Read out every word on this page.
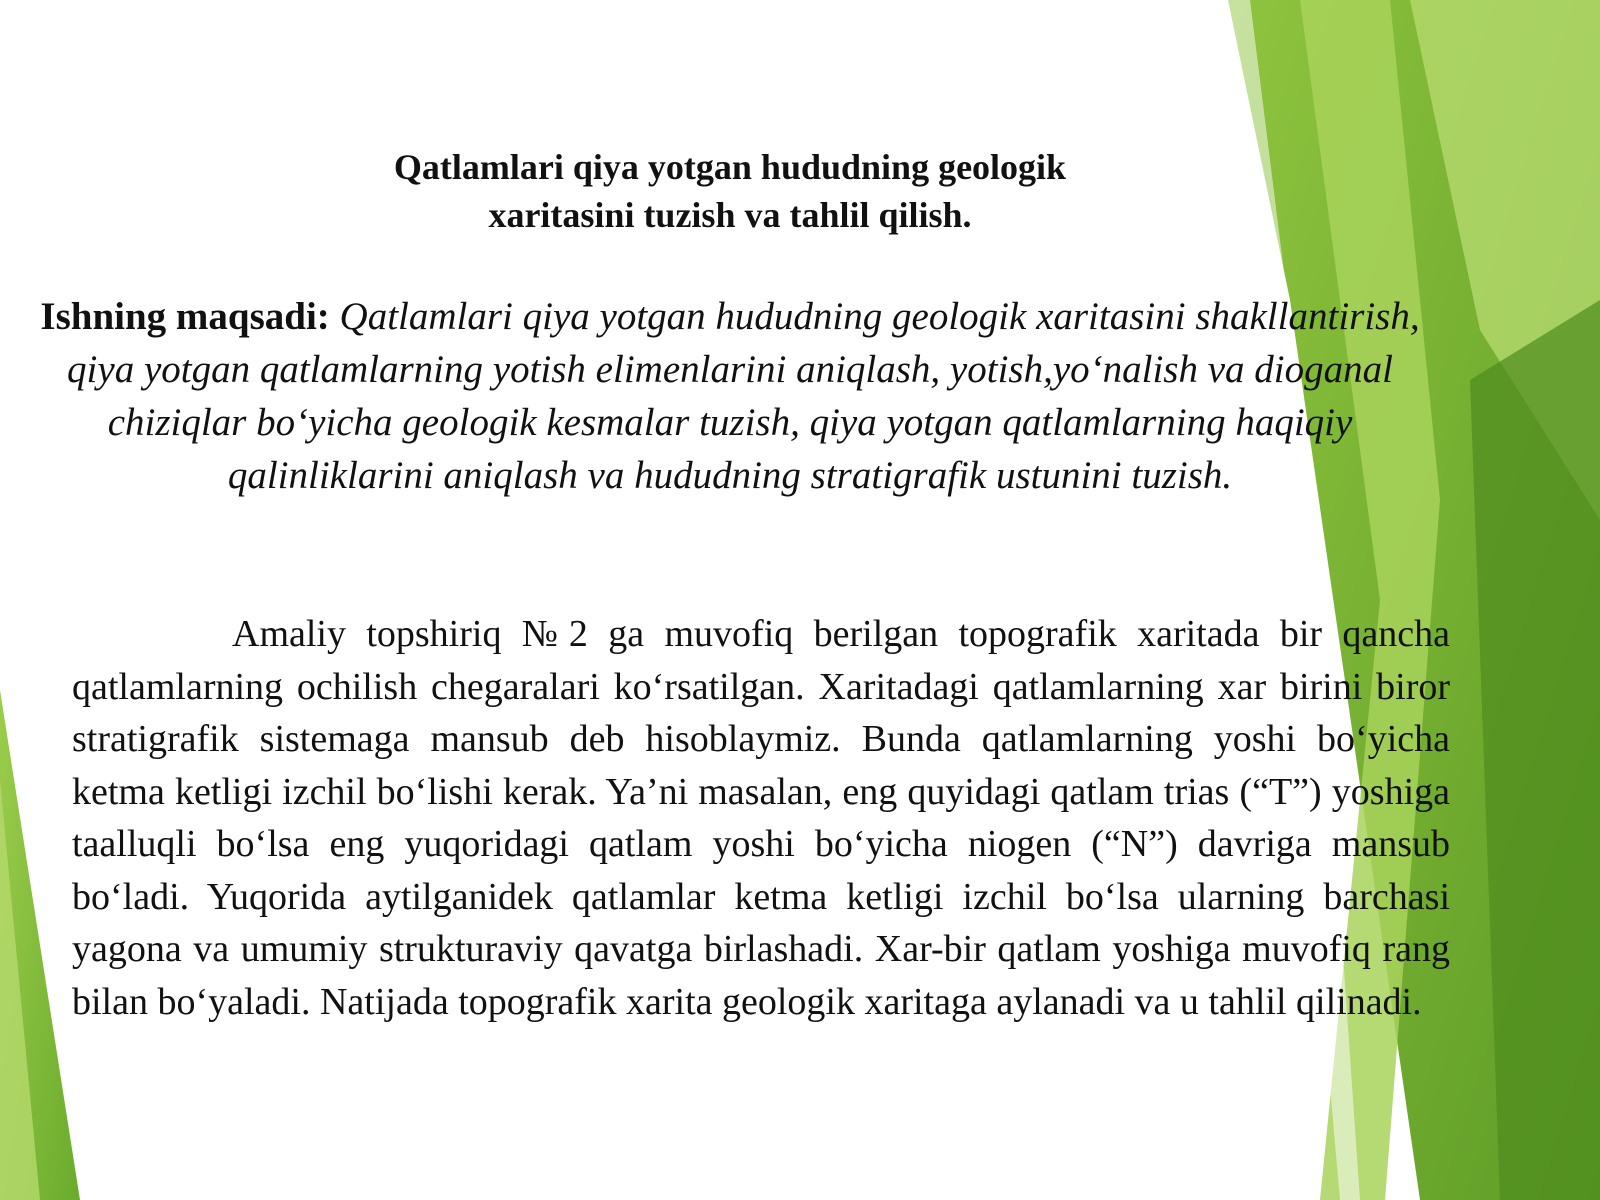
Qatlamlari qiya yotgan hududning geologik
xaritasini tuzish va tahlil qilish.
Ishning maqsadi: Qatlamlari qiya yotgan hududning geologik xaritasini shakllantirish, qiya yotgan qatlamlarning yotish elimenlarini aniqlash, yotish,yo‘nalish va dioganal chiziqlar bo‘yicha geologik kesmalar tuzish, qiya yotgan qatlamlarning haqiqiy qalinliklarini aniqlash va hududning stratigrafik ustunini tuzish.

Amaliy topshiriq №2 ga muvofiq berilgan topografik xaritada bir qancha qatlamlarning ochilish chegaralari ko‘rsatilgan. Xaritadagi qatlamlarning xar birini biror stratigrafik sistemaga mansub deb hisoblaymiz. Bunda qatlamlarning yoshi bo‘yicha ketma ketligi izchil bo‘lishi kerak. Ya’ni masalan, eng quyidagi qatlam trias (“T”) yoshiga taalluqli bo‘lsa eng yuqoridagi qatlam yoshi bo‘yicha niogen (“N”) davriga mansub bo‘ladi. Yuqorida aytilganidek qatlamlar ketma ketligi izchil bo‘lsa ularning barchasi yagona va umumiy strukturaviy qavatga birlashadi. Xar-bir qatlam yoshiga muvofiq rang bilan bo‘yaladi. Natijada topografik xarita geologik xaritaga aylanadi va u tahlil qilinadi.
